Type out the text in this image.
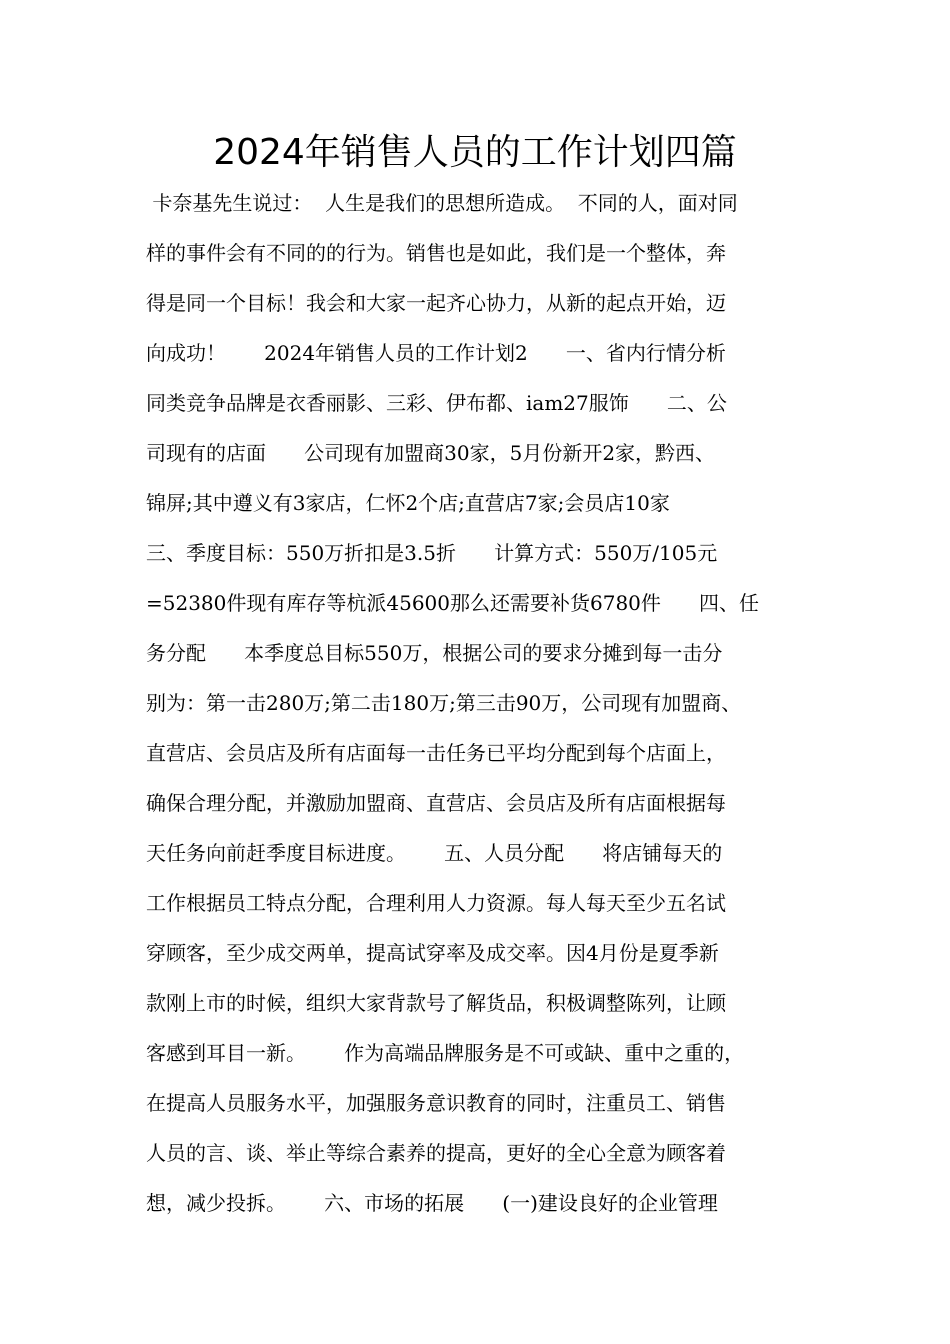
2024年销售人员的工作计划四篇
卡奈基先生说过：  人生是我们的思想所造成。  不同的人，面对同
样的事件会有不同的的行为。销售也是如此，我们是一个整体，奔
得是同一个目标！我会和大家一起齐心协力，从新的起点开始，迈
向成功！      2024年销售人员的工作计划2      一、省内行情分析
同类竞争品牌是衣香丽影、三彩、伊布都、iam27服饰      二、公
司现有的店面      公司现有加盟商30家，5月份新开2家，黔西、
锦屏;其中遵义有3家店，仁怀2个店;直营店7家;会员店10家
三、季度目标：550万折扣是3.5折      计算方式：550万/105元
=52380件现有库存等杭派45600那么还需要补货6780件      四、任
务分配      本季度总目标550万，根据公司的要求分摊到每一击分
别为：第一击280万;第二击180万;第三击90万，公司现有加盟商、
直营店、会员店及所有店面每一击任务已平均分配到每个店面上，
确保合理分配，并激励加盟商、直营店、会员店及所有店面根据每
天任务向前赶季度目标进度。      五、人员分配      将店铺每天的
工作根据员工特点分配，合理利用人力资源。每人每天至少五名试
穿顾客，至少成交两单，提高试穿率及成交率。因4月份是夏季新
款刚上市的时候，组织大家背款号了解货品，积极调整陈列，让顾
客感到耳目一新。      作为高端品牌服务是不可或缺、重中之重的，
在提高人员服务水平，加强服务意识教育的同时，注重员工、销售
人员的言、谈、举止等综合素养的提高，更好的全心全意为顾客着
想，减少投拆。      六、市场的拓展      (一)建设良好的企业管理
